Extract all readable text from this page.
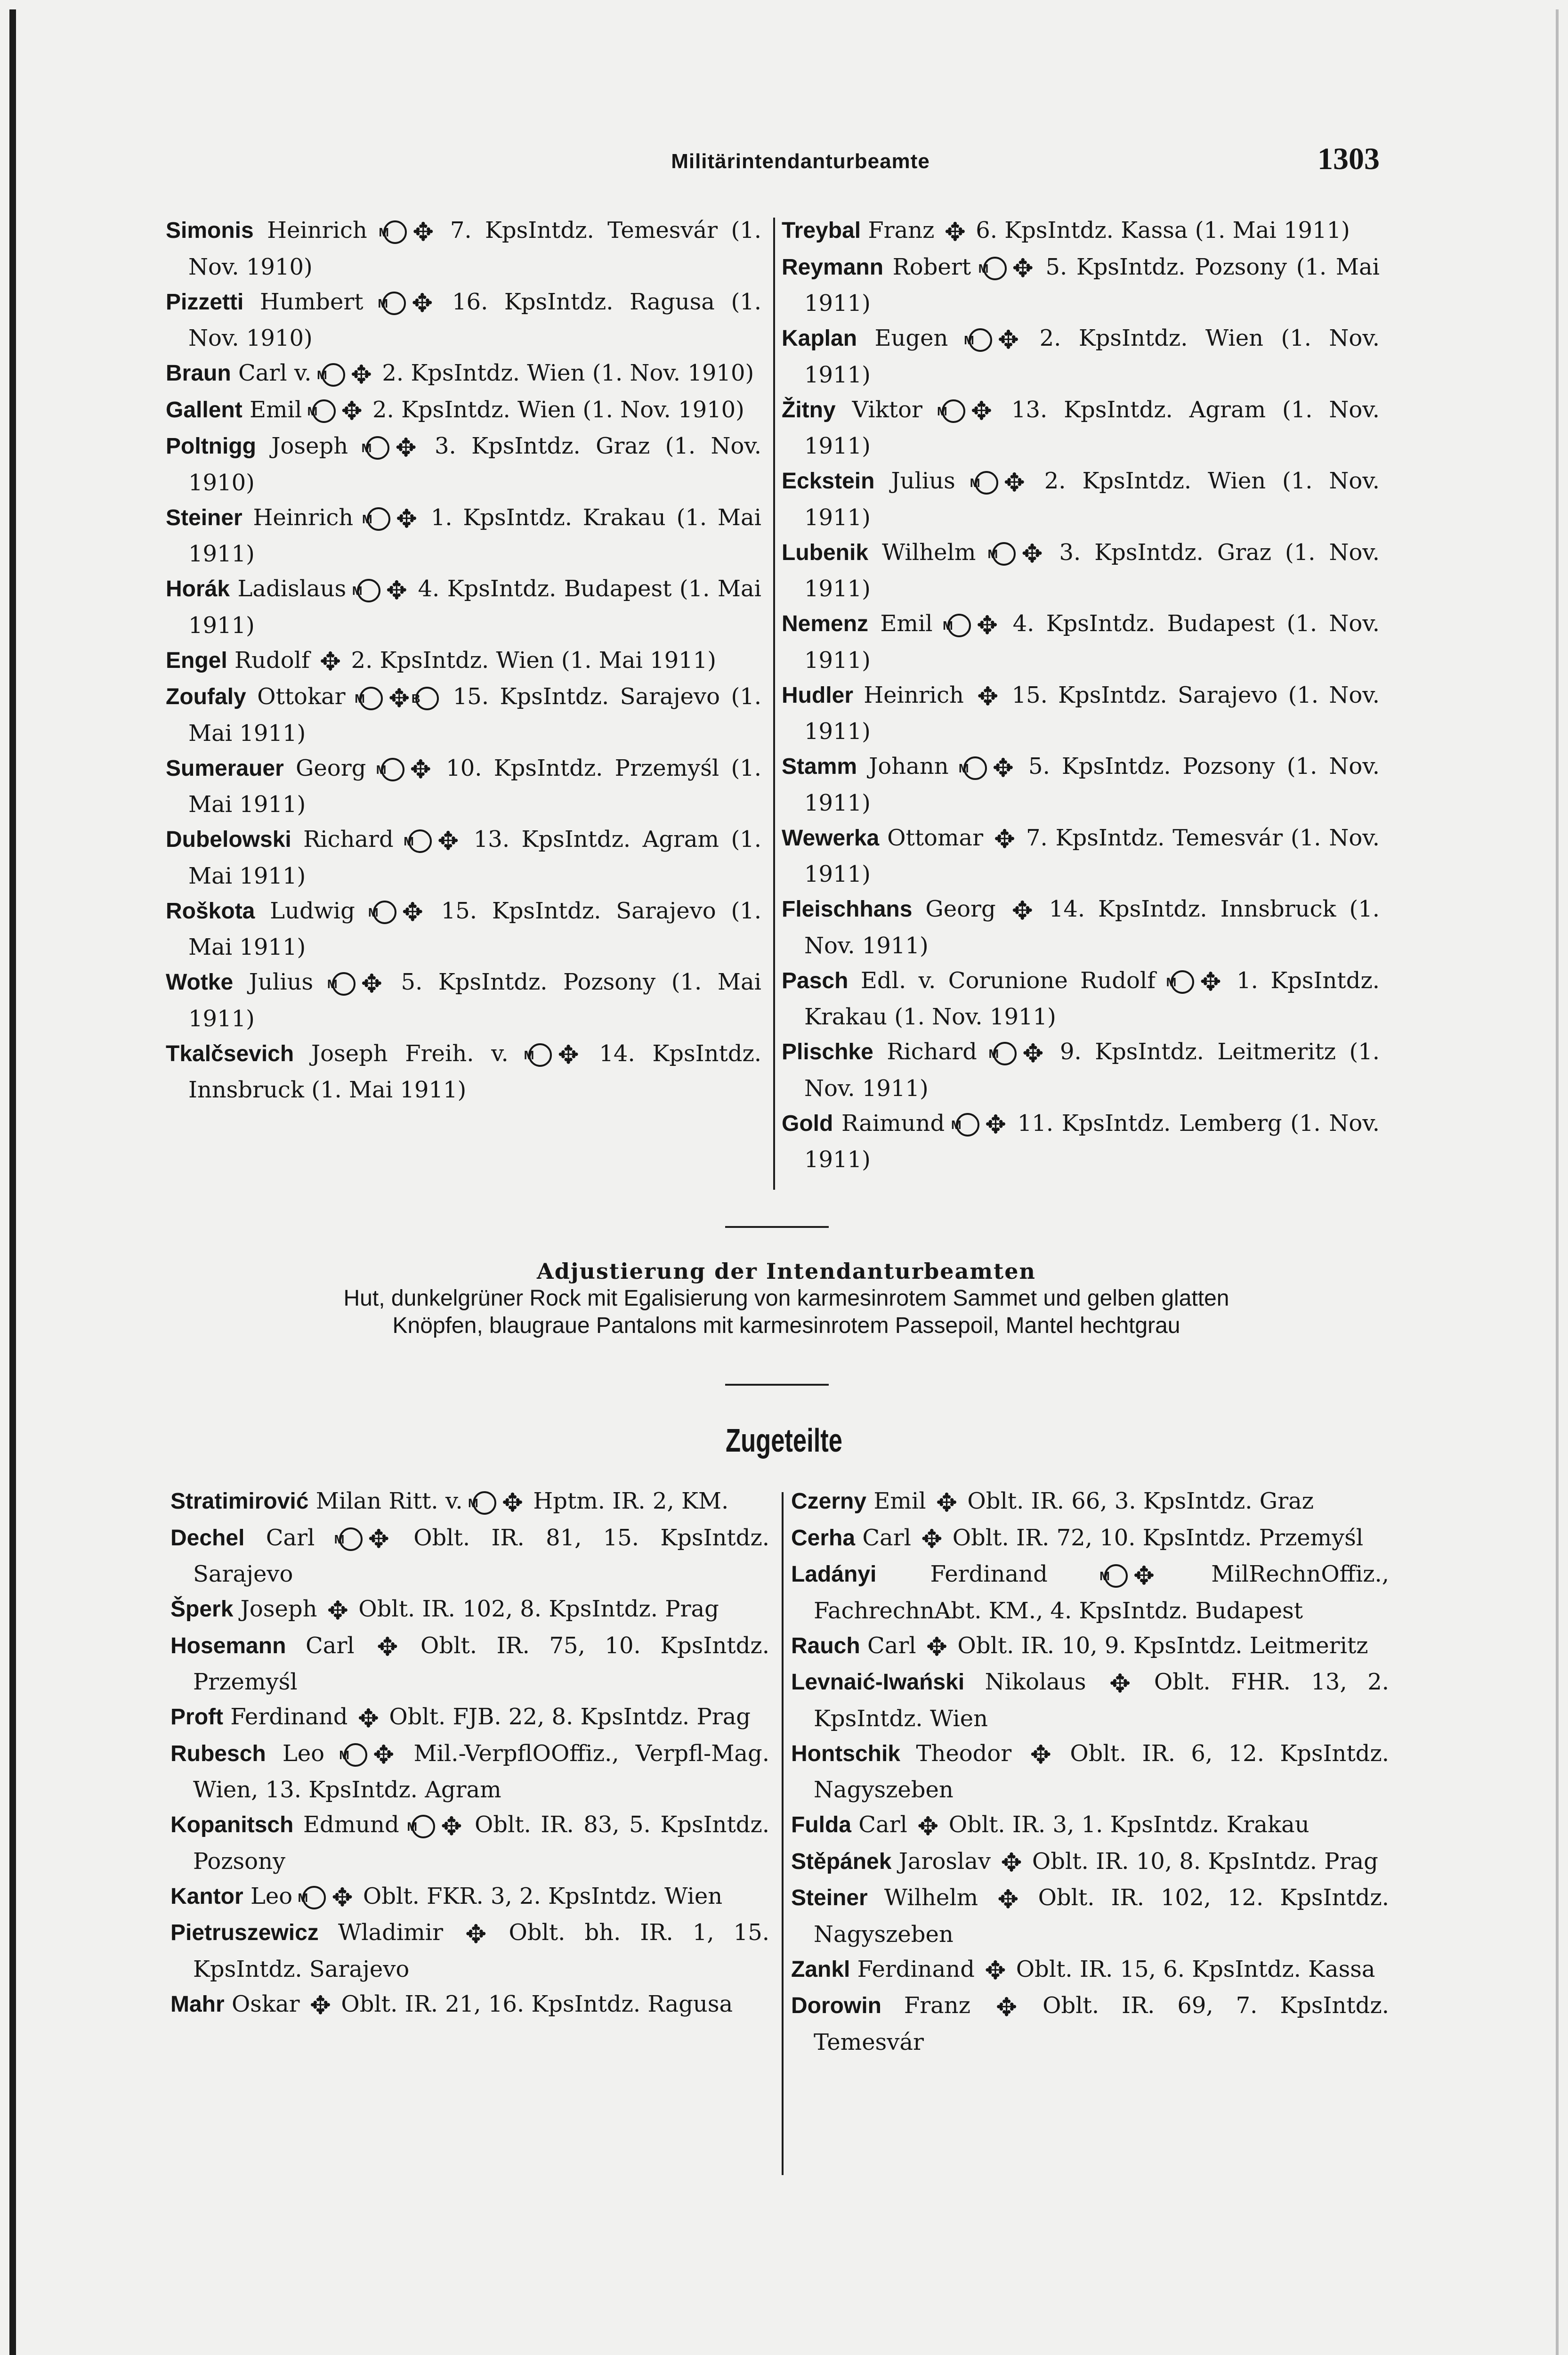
Militärintendanturbeamte	1303
Simonis Heinrich M ✥ 7. KpsIntdz. Temesvár (1. Nov. 1910)
Pizzetti Humbert M ✥ 16. KpsIntdz. Ragusa (1. Nov. 1910)
Braun Carl v. M ✥ 2. KpsIntdz. Wien (1. Nov. 1910)
Gallent Emil M ✥ 2. KpsIntdz. Wien (1. Nov. 1910)
Poltnigg Joseph M ✥ 3. KpsIntdz. Graz (1. Nov. 1910)
Steiner Heinrich M ✥ 1. KpsIntdz. Krakau (1. Mai 1911)
Horák Ladislaus M ✥ 4. KpsIntdz. Budapest (1. Mai 1911)
Engel Rudolf ✥ 2. KpsIntdz. Wien (1. Mai 1911)
Zoufaly Ottokar M ✥ B 15. KpsIntdz. Sarajevo (1. Mai 1911)
Sumerauer Georg M ✥ 10. KpsIntdz. Przemyśl (1. Mai 1911)
Dubelowski Richard M ✥ 13. KpsIntdz. Agram (1. Mai 1911)
Roškota Ludwig M ✥ 15. KpsIntdz. Sarajevo (1. Mai 1911)
Wotke Julius M ✥ 5. KpsIntdz. Pozsony (1. Mai 1911)
Tkalčsevich Joseph Freih. v. M ✥ 14. KpsIntdz. Innsbruck (1. Mai 1911)
Treybal Franz ✥ 6. KpsIntdz. Kassa (1. Mai 1911)
Reymann Robert M ✥ 5. KpsIntdz. Pozsony (1. Mai 1911)
Kaplan Eugen M ✥ 2. KpsIntdz. Wien (1. Nov. 1911)
Žitny Viktor M ✥ 13. KpsIntdz. Agram (1. Nov. 1911)
Eckstein Julius M ✥ 2. KpsIntdz. Wien (1. Nov. 1911)
Lubenik Wilhelm M ✥ 3. KpsIntdz. Graz (1. Nov. 1911)
Nemenz Emil M ✥ 4. KpsIntdz. Budapest (1. Nov. 1911)
Hudler Heinrich ✥ 15. KpsIntdz. Sarajevo (1. Nov. 1911)
Stamm Johann M ✥ 5. KpsIntdz. Pozsony (1. Nov. 1911)
Wewerka Ottomar ✥ 7. KpsIntdz. Temesvár (1. Nov. 1911)
Fleischhans Georg ✥ 14. KpsIntdz. Innsbruck (1. Nov. 1911)
Pasch Edl. v. Corunione Rudolf M ✥ 1. KpsIntdz. Krakau (1. Nov. 1911)
Plischke Richard M ✥ 9. KpsIntdz. Leitmeritz (1. Nov. 1911)
Gold Raimund M ✥ 11. KpsIntdz. Lemberg (1. Nov. 1911)
Adjustierung der Intendanturbeamten
Hut, dunkelgrüner Rock mit Egalisierung von karmesinrotem Sammet und gelben glatten
Knöpfen, blaugraue Pantalons mit karmesinrotem Passepoil, Mantel hechtgrau
Zugeteilte
Stratimirović Milan Ritt. v. M ✥ Hptm. IR. 2, KM.
Dechel Carl M ✥ Oblt. IR. 81, 15. KpsIntdz. Sarajevo
Šperk Joseph ✥ Oblt. IR. 102, 8. KpsIntdz. Prag
Hosemann Carl ✥ Oblt. IR. 75, 10. KpsIntdz. Przemyśl
Proft Ferdinand ✥ Oblt. FJB. 22, 8. KpsIntdz. Prag
Rubesch Leo M ✥ Mil.-VerpflOOffiz., Verpfl-Mag. Wien, 13. KpsIntdz. Agram
Kopanitsch Edmund M ✥ Oblt. IR. 83, 5. KpsIntdz. Pozsony
Kantor Leo M ✥ Oblt. FKR. 3, 2. KpsIntdz. Wien
Pietruszewicz Wladimir ✥ Oblt. bh. IR. 1, 15. KpsIntdz. Sarajevo
Mahr Oskar ✥ Oblt. IR. 21, 16. KpsIntdz. Ragusa
Czerny Emil ✥ Oblt. IR. 66, 3. KpsIntdz. Graz
Cerha Carl ✥ Oblt. IR. 72, 10. KpsIntdz. Przemyśl
Ladányi Ferdinand	M ✥	MilRechnOffiz., FachrechnAbt. KM., 4. KpsIntdz. Budapest
Rauch Carl ✥ Oblt. IR. 10, 9. KpsIntdz. Leitmeritz
Levnaić-Iwański Nikolaus ✥ Oblt. FHR. 13, 2. KpsIntdz. Wien
Hontschik Theodor ✥ Oblt. IR. 6, 12. KpsIntdz. Nagyszeben
Fulda Carl ✥ Oblt. IR. 3, 1. KpsIntdz. Krakau
Stěpánek Jaroslav ✥ Oblt. IR. 10, 8. KpsIntdz. Prag
Steiner Wilhelm ✥ Oblt. IR. 102, 12. KpsIntdz. Nagyszeben
Zankl Ferdinand ✥ Oblt. IR. 15, 6. KpsIntdz. Kassa
Dorowin Franz ✥ Oblt. IR. 69, 7. KpsIntdz. Temesvár
